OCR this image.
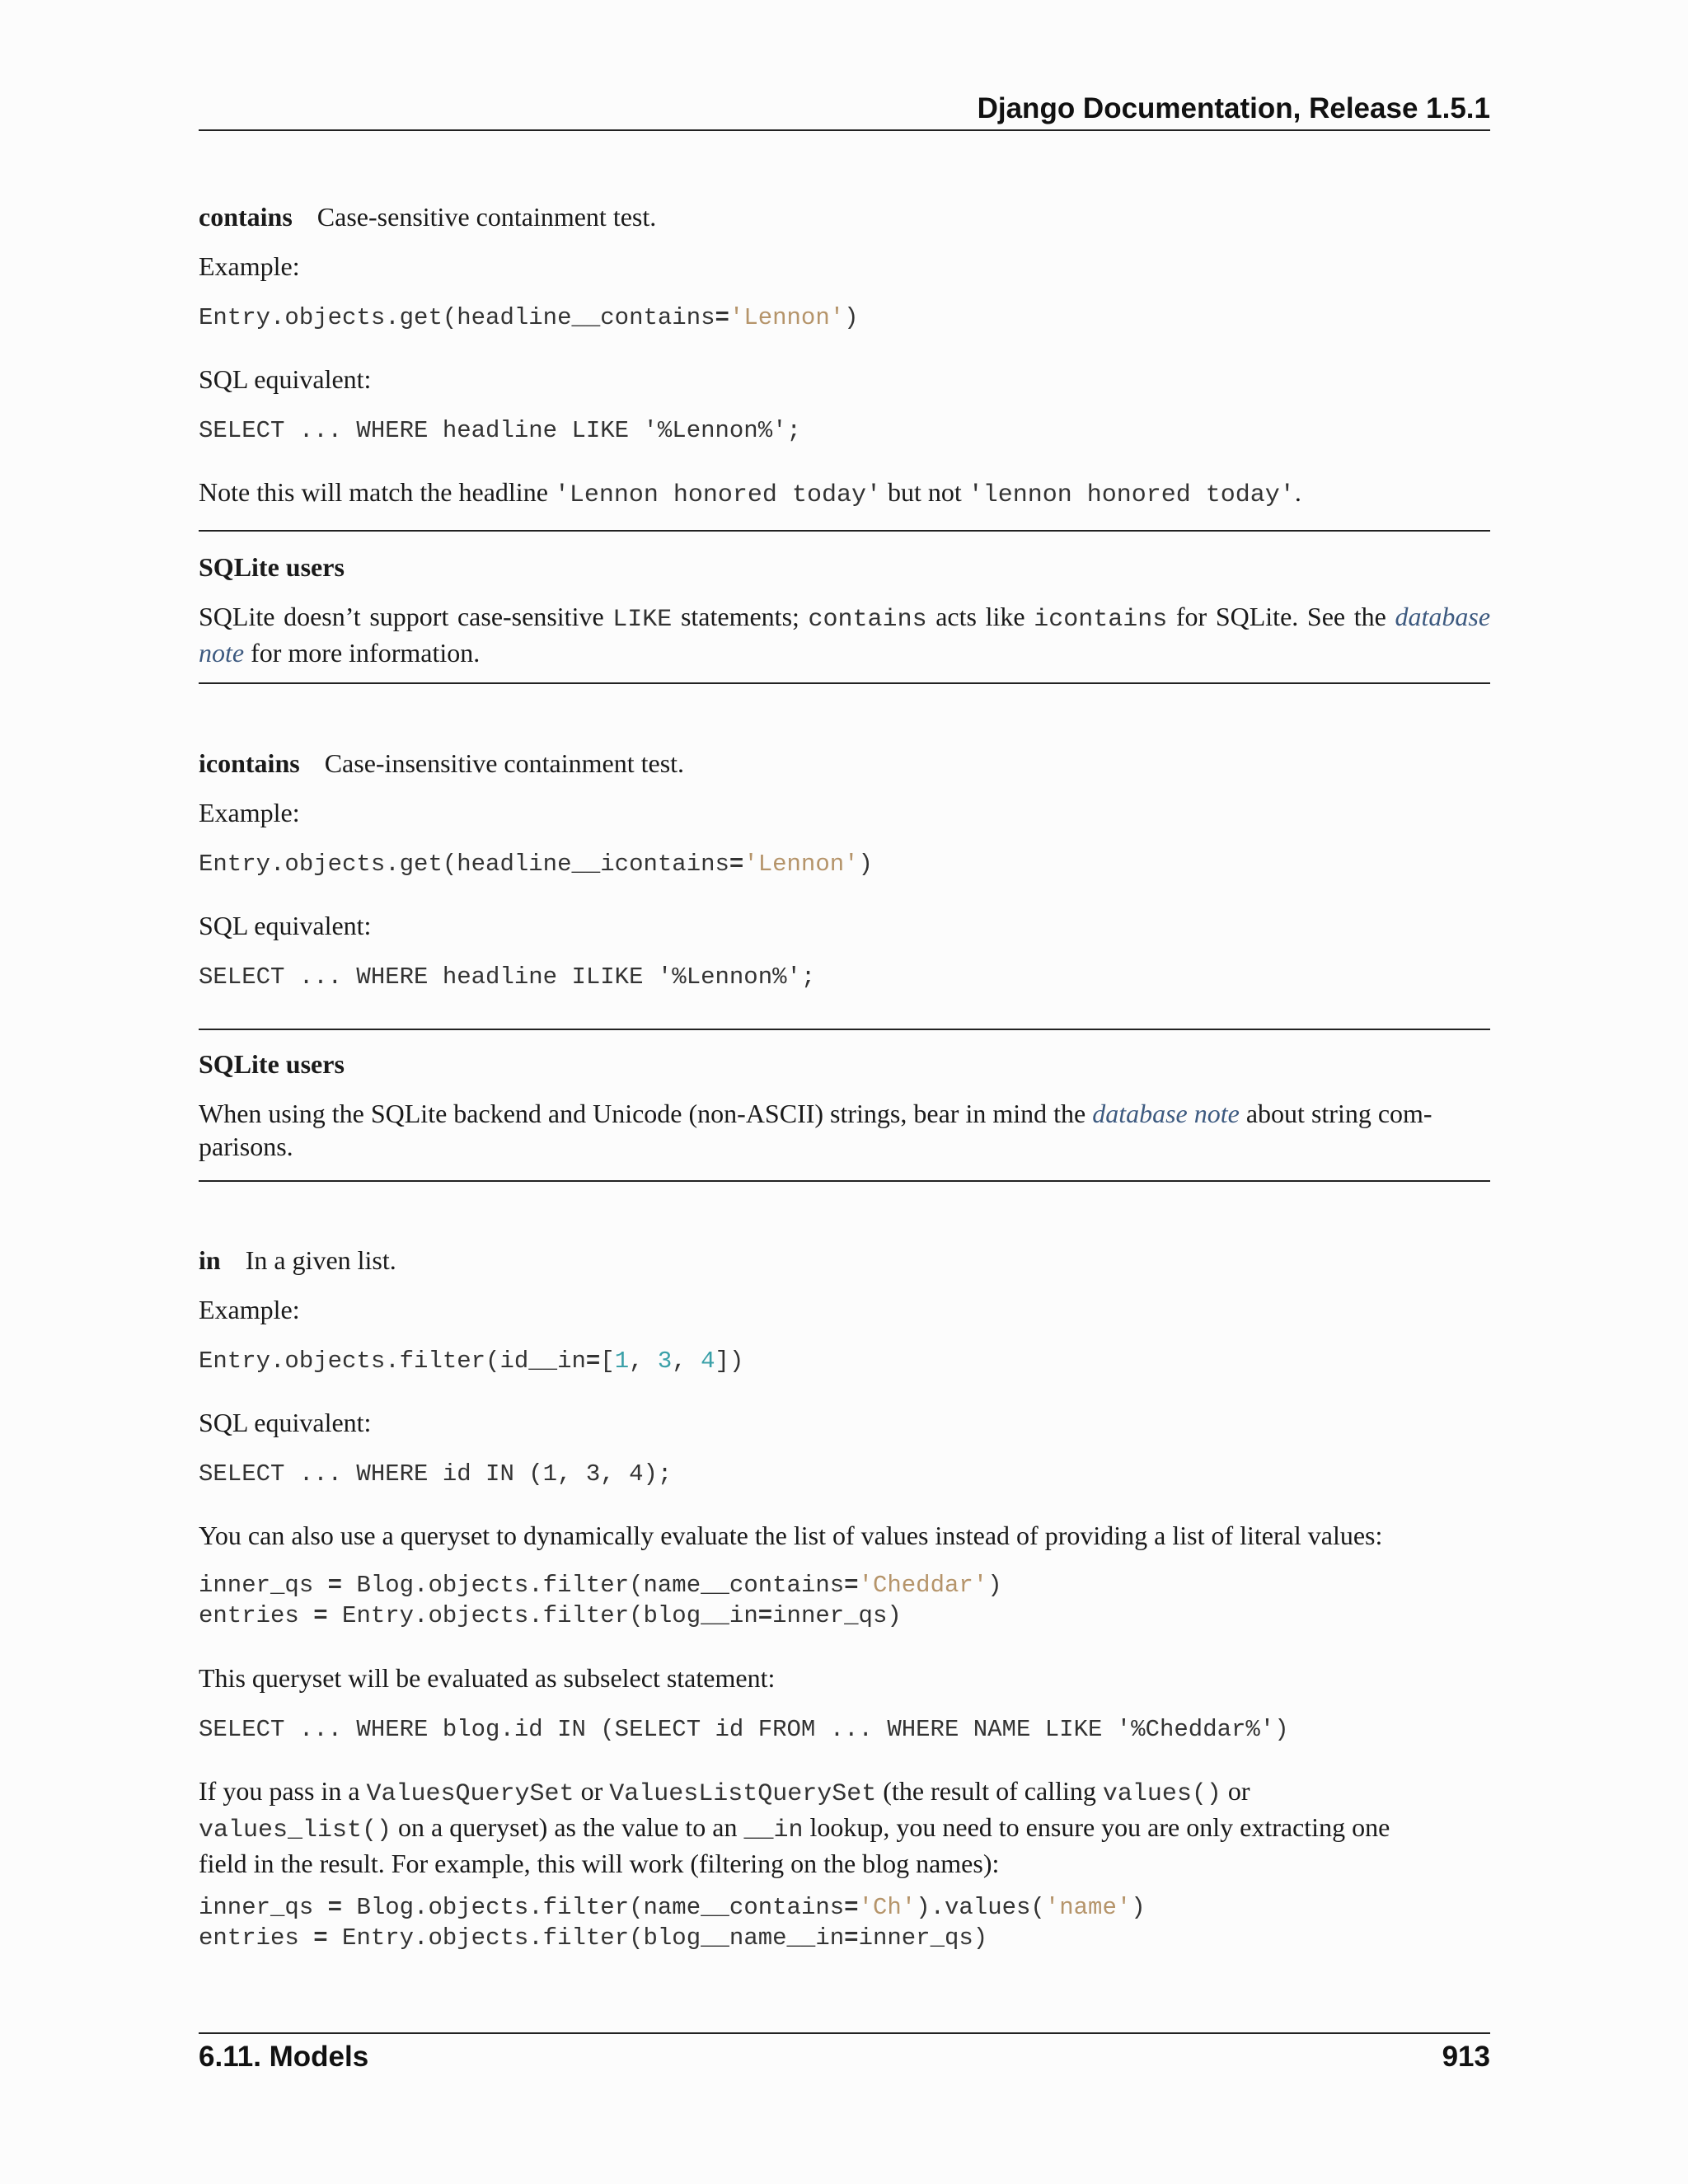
Django Documentation, Release 1.5.1

contains Case-sensitive containment test.

Example:

Entry.objects.get(headline__contains='Lennon')

SQL equivalent:

SELECT ... WHERE headline LIKE '%Lennon%';

Note this will match the headline 'Lennon honored today' but not 'lennon honored today'.

SQLite users

SQLite doesn’t support case-sensitive LIKE statements; contains acts like icontains for SQLite. See the database note for more information.

icontains Case-insensitive containment test.

Example:

Entry.objects.get(headline__icontains='Lennon')

SQL equivalent:

SELECT ... WHERE headline ILIKE '%Lennon%';

SQLite users

When using the SQLite backend and Unicode (non-ASCII) strings, bear in mind the database note about string com-

parisons.

in In a given list.

Example:

Entry.objects.filter(id__in=[1, 3, 4])

SQL equivalent:

SELECT ... WHERE id IN (1, 3, 4);

You can also use a queryset to dynamically evaluate the list of values instead of providing a list of literal values:

inner_qs = Blog.objects.filter(name__contains='Cheddar')
entries = Entry.objects.filter(blog__in=inner_qs)

This queryset will be evaluated as subselect statement:

SELECT ... WHERE blog.id IN (SELECT id FROM ... WHERE NAME LIKE '%Cheddar%')

If you pass in a ValuesQuerySet or ValuesListQuerySet (the result of calling values() or

values_list() on a queryset) as the value to an __in lookup, you need to ensure you are only extracting one

field in the result. For example, this will work (filtering on the blog names):

inner_qs = Blog.objects.filter(name__contains='Ch').values('name')
entries = Entry.objects.filter(blog__name__in=inner_qs)
6.11. Models	913
